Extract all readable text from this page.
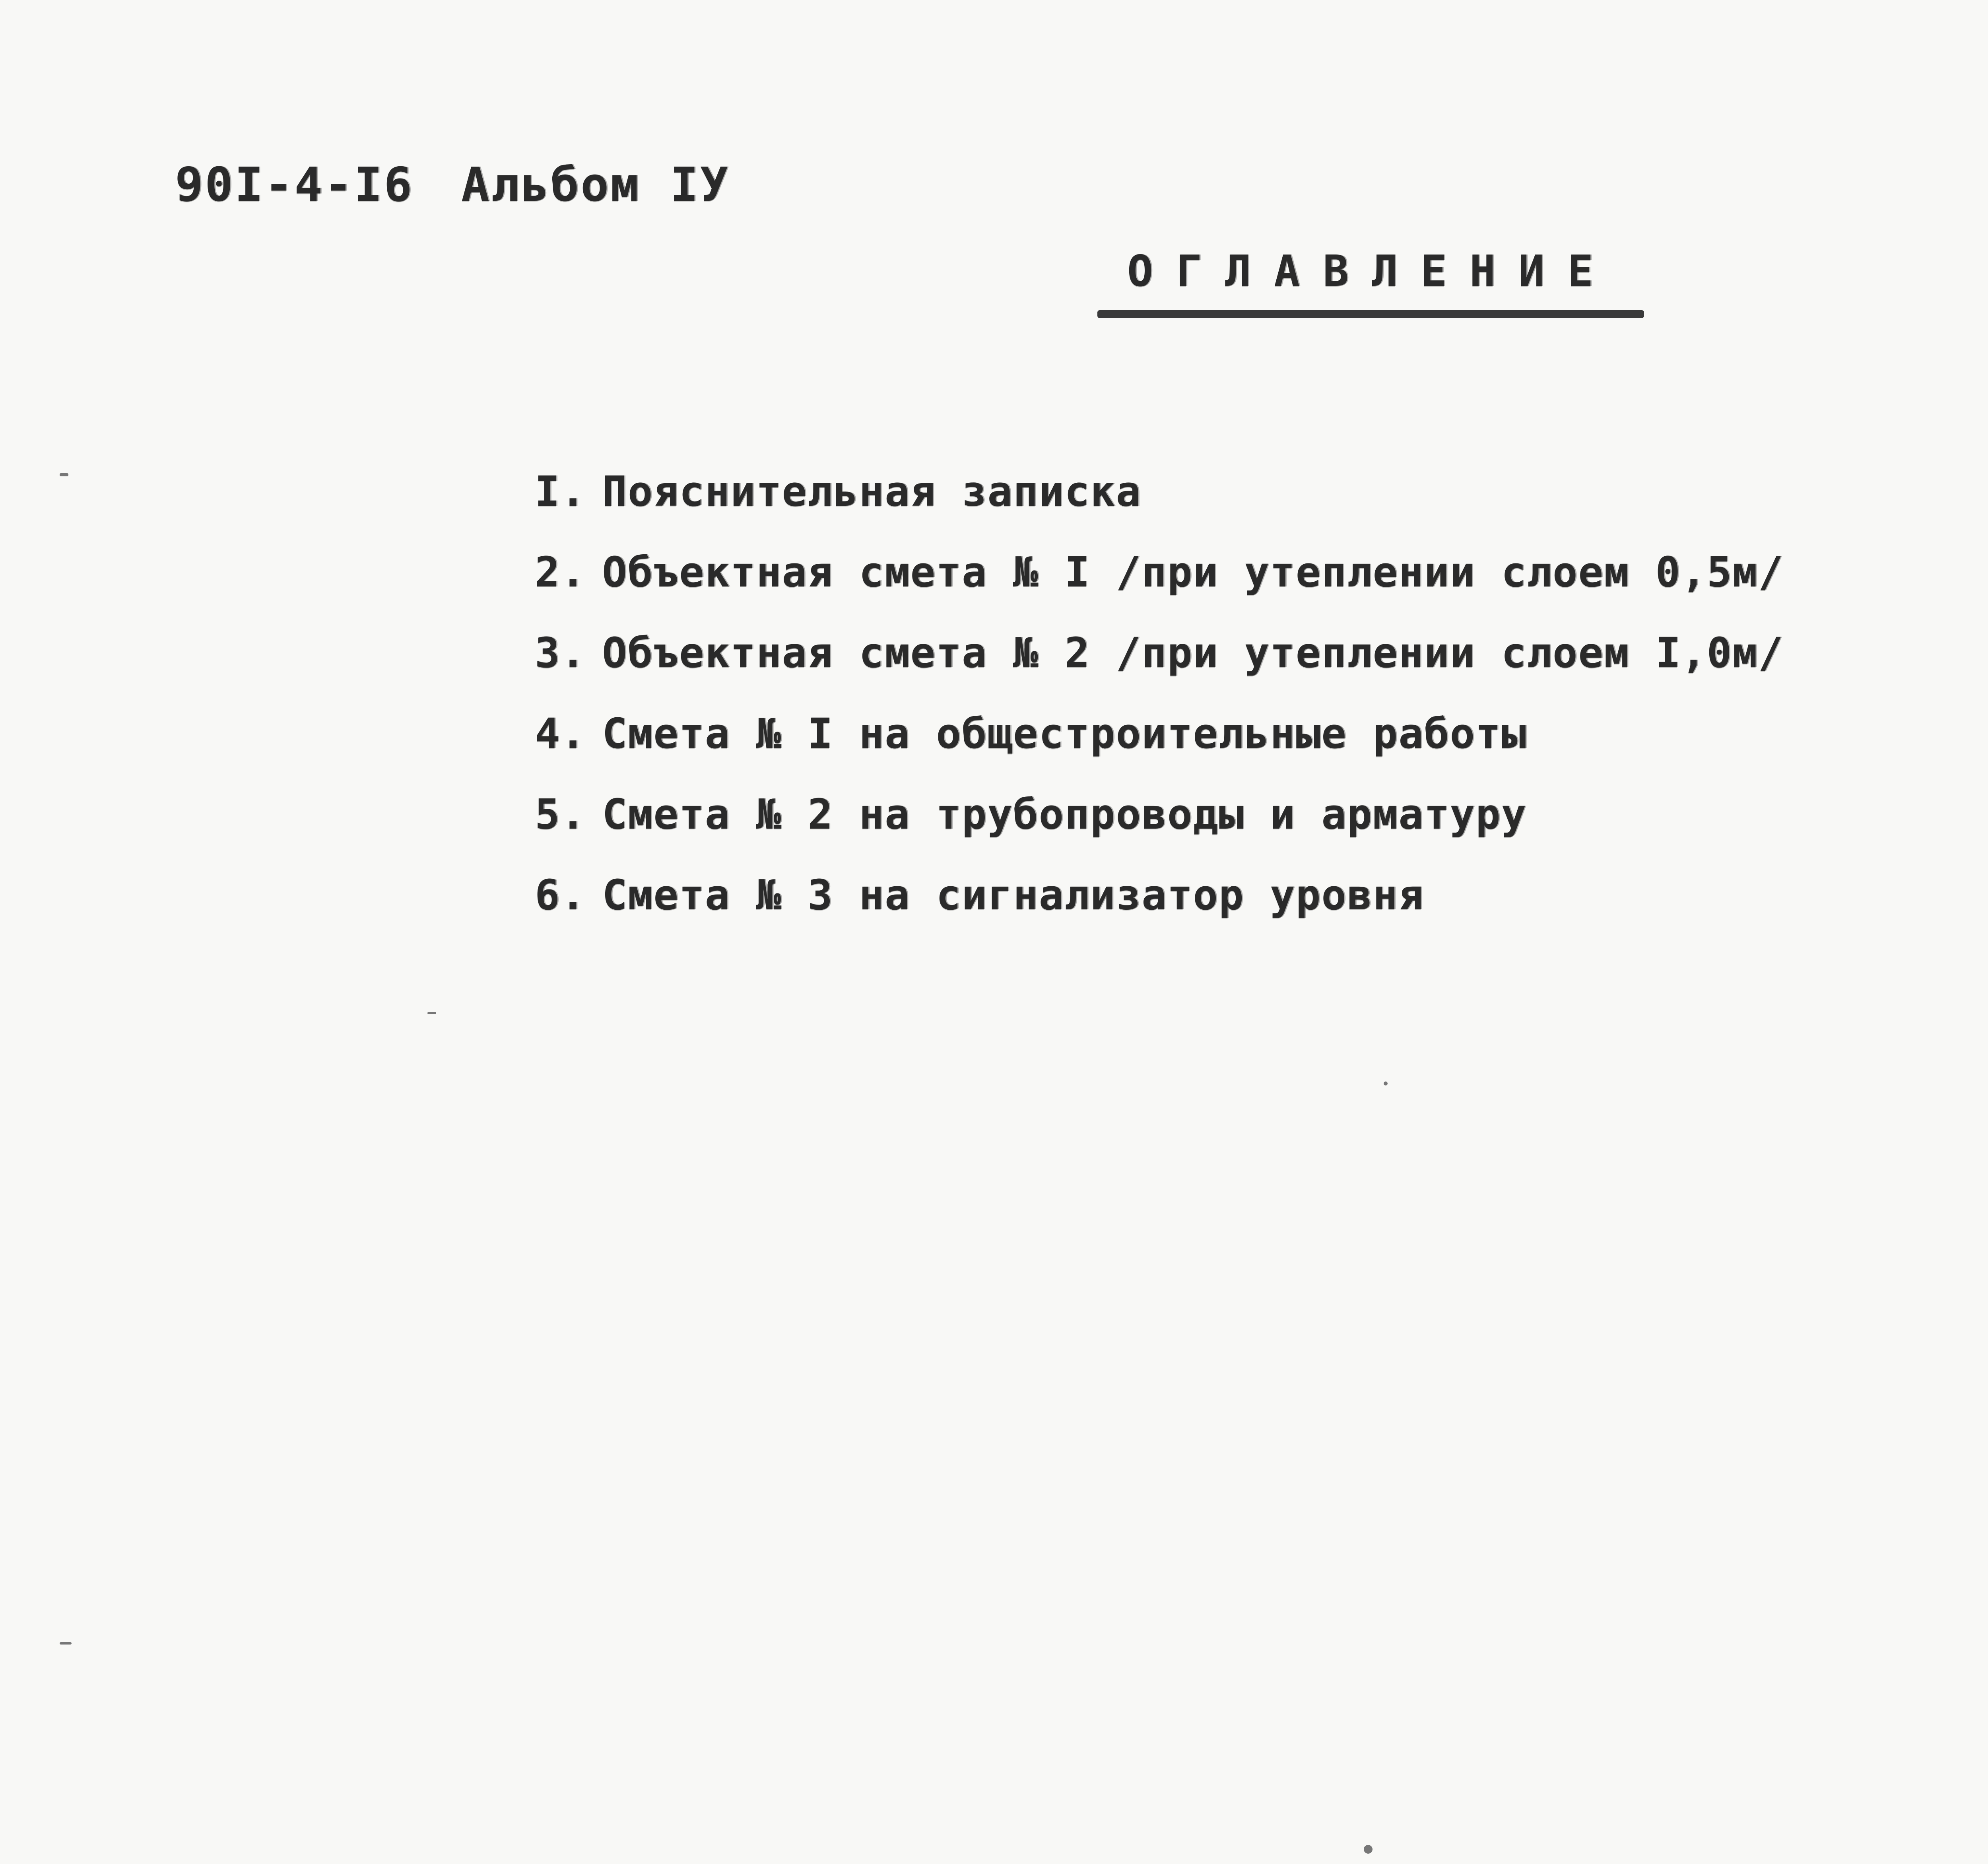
90I-4-I6 Альбом IУ
ОГЛАВЛЕНИЕ
I. Пояснительная записка
2. Объектная смета № I /при утеплении слоем 0,5м/
3. Объектная смета № 2 /при утеплении слоем I,0м/
4. Смета № I на общестроительные работы
5. Смета № 2 на трубопроводы и арматуру
6. Смета № 3 на сигнализатор уровня
